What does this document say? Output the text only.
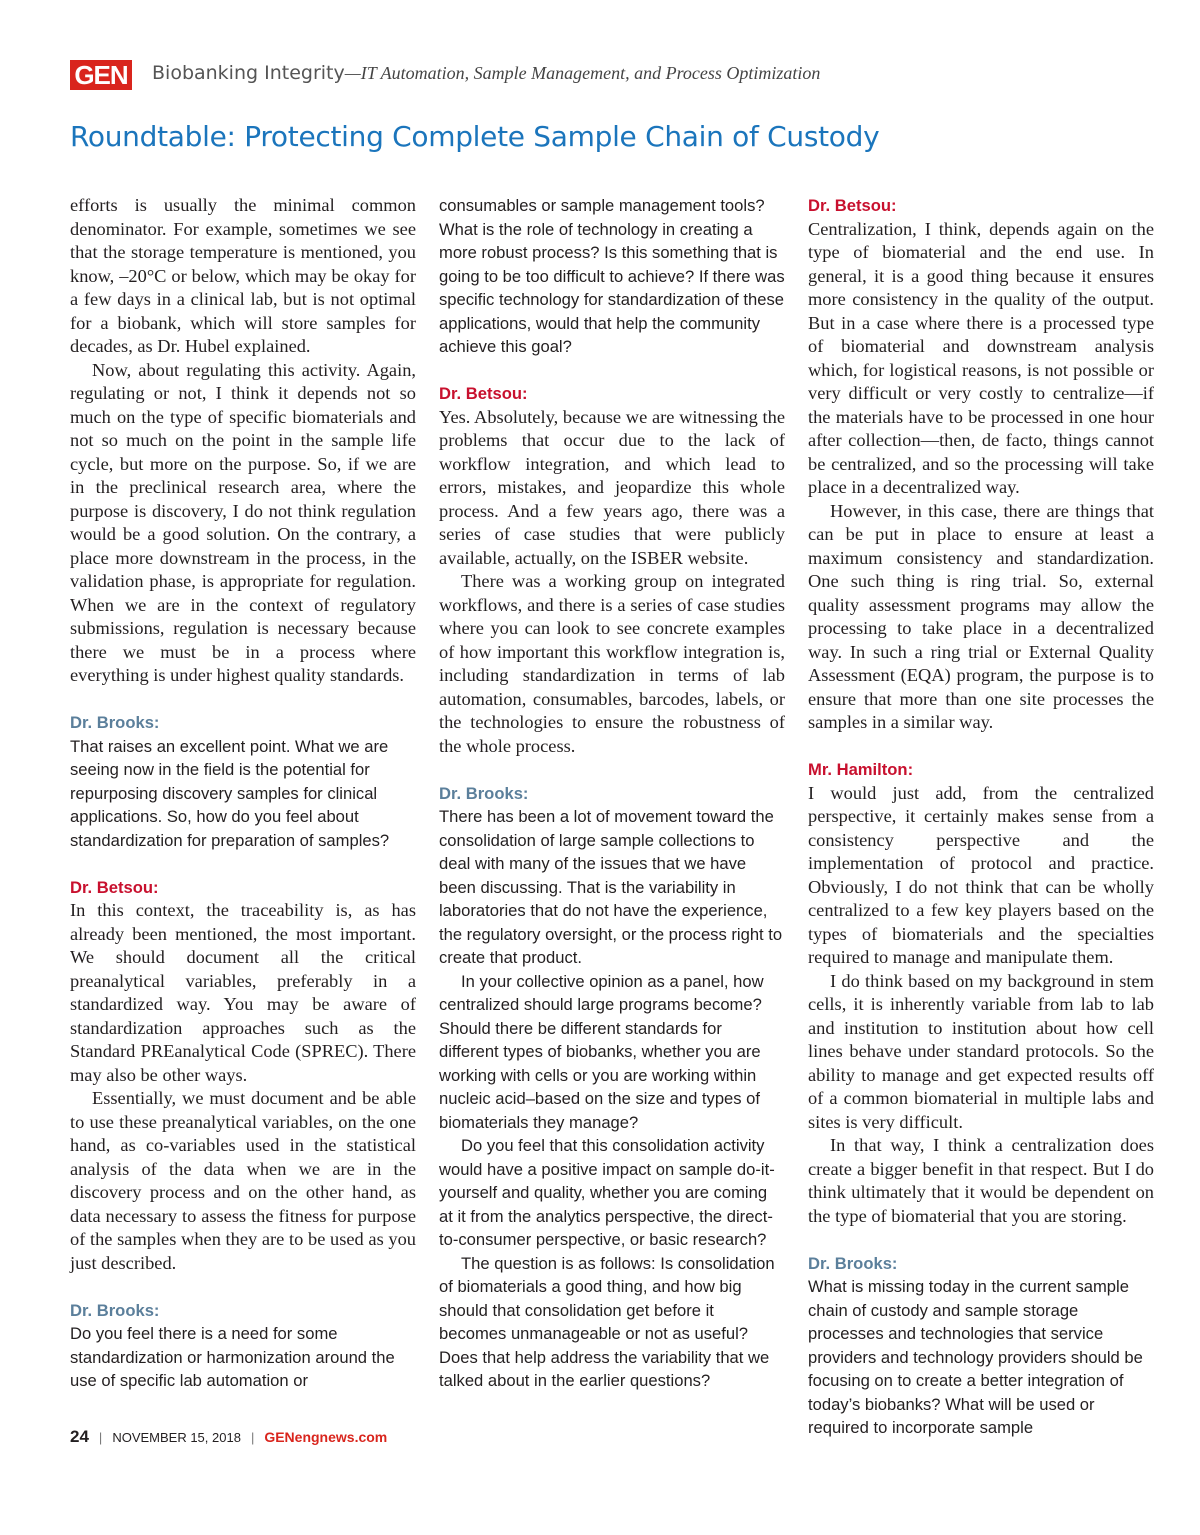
GEN Biobanking Integrity—IT Automation, Sample Management, and Process Optimization
Roundtable: Protecting Complete Sample Chain of Custody

efforts is usually the minimal common denominator. For example, sometimes we see that the storage temperature is mentioned, you know, –20°C or below, which may be okay for a few days in a clinical lab, but is not optimal for a biobank, which will store samples for decades, as Dr. Hubel explained.

Now, about regulating this activity. Again, regulating or not, I think it depends not so much on the type of specific biomaterials and not so much on the point in the sample life cycle, but more on the purpose. So, if we are in the preclinical research area, where the purpose is discovery, I do not think regulation would be a good solution. On the contrary, a place more downstream in the process, in the validation phase, is appropriate for regulation. When we are in the context of regulatory submissions, regulation is necessary because there we must be in a process where everything is under highest quality standards.

Dr. Brooks:

That raises an excellent point. What we are seeing now in the field is the potential for repurposing discovery samples for clinical applications. So, how do you feel about standardization for preparation of samples?

Dr. Betsou:

In this context, the traceability is, as has already been mentioned, the most important. We should document all the critical preanalytical variables, preferably in a standardized way. You may be aware of standardization approaches such as the Standard PREanalytical Code (SPREC). There may also be other ways.

Essentially, we must document and be able to use these preanalytical variables, on the one hand, as co-variables used in the statistical analysis of the data when we are in the discovery process and on the other hand, as data necessary to assess the fitness for purpose of the samples when they are to be used as you just described.

Dr. Brooks:

Do you feel there is a need for some standardization or harmonization around the use of specific lab automation or

consumables or sample management tools? What is the role of technology in creating a more robust process? Is this something that is going to be too difficult to achieve? If there was specific technology for standardization of these applications, would that help the community achieve this goal?

Dr. Betsou:

Yes. Absolutely, because we are witnessing the problems that occur due to the lack of workflow integration, and which lead to errors, mistakes, and jeopardize this whole process. And a few years ago, there was a series of case studies that were publicly available, actually, on the ISBER website.

There was a working group on integrated workflows, and there is a series of case studies where you can look to see concrete examples of how important this workflow integration is, including standardization in terms of lab automation, consumables, barcodes, labels, or the technologies to ensure the robustness of the whole process.

Dr. Brooks:

There has been a lot of movement toward the consolidation of large sample collections to deal with many of the issues that we have been discussing. That is the variability in laboratories that do not have the experience, the regulatory oversight, or the process right to create that product.

In your collective opinion as a panel, how centralized should large programs become? Should there be different standards for different types of biobanks, whether you are working with cells or you are working within nucleic acid–based on the size and types of biomaterials they manage?

Do you feel that this consolidation activity would have a positive impact on sample do-it-yourself and quality, whether you are coming at it from the analytics perspective, the direct-to-consumer perspective, or basic research?

The question is as follows: Is consolidation of biomaterials a good thing, and how big should that consolidation get before it becomes unmanageable or not as useful? Does that help address the variability that we talked about in the earlier questions?

Dr. Betsou:

Centralization, I think, depends again on the type of biomaterial and the end use. In general, it is a good thing because it ensures more consistency in the quality of the output. But in a case where there is a processed type of biomaterial and downstream analysis which, for logistical reasons, is not possible or very difficult or very costly to centralize—if the materials have to be processed in one hour after collection—then, de facto, things cannot be centralized, and so the processing will take place in a decentralized way.

However, in this case, there are things that can be put in place to ensure at least a maximum consistency and standardization. One such thing is ring trial. So, external quality assessment programs may allow the processing to take place in a decentralized way. In such a ring trial or External Quality Assessment (EQA) program, the purpose is to ensure that more than one site processes the samples in a similar way.

Mr. Hamilton:

I would just add, from the centralized perspective, it certainly makes sense from a consistency perspective and the implementation of protocol and practice. Obviously, I do not think that can be wholly centralized to a few key players based on the types of biomaterials and the specialties required to manage and manipulate them.

I do think based on my background in stem cells, it is inherently variable from lab to lab and institution to institution about how cell lines behave under standard protocols. So the ability to manage and get expected results off of a common biomaterial in multiple labs and sites is very difficult.

In that way, I think a centralization does create a bigger benefit in that respect. But I do think ultimately that it would be dependent on the type of biomaterial that you are storing.

Dr. Brooks:

What is missing today in the current sample chain of custody and sample storage processes and technologies that service providers and technology providers should be focusing on to create a better integration of today’s biobanks? What will be used or required to incorporate sample

24 | NOVEMBER 15, 2018 | GENengnews.com
